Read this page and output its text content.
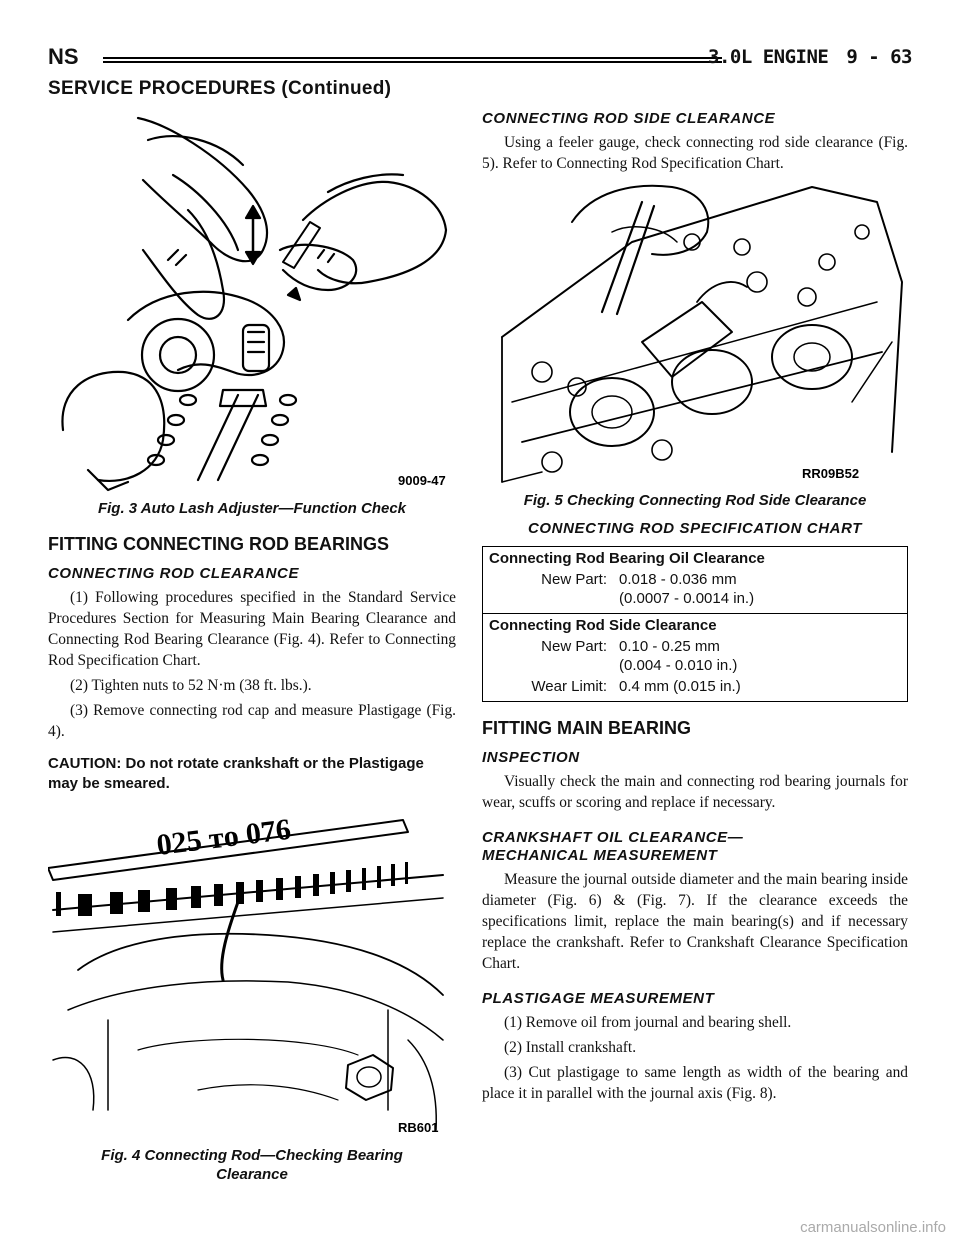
NS	3.0L ENGINE 9 - 63
SERVICE PROCEDURES (Continued)
9009-47
Fig. 3 Auto Lash Adjuster—Function Check
FITTING CONNECTING ROD BEARINGS
CONNECTING ROD CLEARANCE

(1) Following procedures specified in the Standard Service Procedures Section for Measuring Main Bearing Clearance and Connecting Rod Bearing Clearance (Fig. 4). Refer to Connecting Rod Specification Chart.

(2) Tighten nuts to 52 N·m (38 ft. lbs.).

(3) Remove connecting rod cap and measure Plastigage (Fig. 4).

CAUTION: Do not rotate crankshaft or the Plastigage may be smeared.
025 ᴛᴏ 076
RB601
Fig. 4 Connecting Rod—Checking Bearing
Clearance
CONNECTING ROD SIDE CLEARANCE

Using a feeler gauge, check connecting rod side clearance (Fig. 5). Refer to Connecting Rod Specification Chart.

RR09B52
Fig. 5 Checking Connecting Rod Side Clearance
CONNECTING ROD SPECIFICATION CHART
Connecting Rod Bearing Oil Clearance	
New Part:	0.018 - 0.036 mm
	(0.0007 - 0.0014 in.)
Connecting Rod Side Clearance	
New Part:	0.10 - 0.25 mm
	(0.004 - 0.010 in.)
Wear Limit:	0.4 mm (0.015 in.)
FITTING MAIN BEARING
INSPECTION

Visually check the main and connecting rod bearing journals for wear, scuffs or scoring and replace if necessary.

CRANKSHAFT OIL CLEARANCE—
MECHANICAL MEASUREMENT

Measure the journal outside diameter and the main bearing inside diameter (Fig. 6) & (Fig. 7). If the clearance exceeds the specifications limit, replace the main bearing(s) and if necessary replace the crankshaft. Refer to Crankshaft Clearance Specification Chart.

PLASTIGAGE MEASUREMENT

(1) Remove oil from journal and bearing shell.

(2) Install crankshaft.

(3) Cut plastigage to same length as width of the bearing and place it in parallel with the journal axis (Fig. 8).

carmanualsonline.info
